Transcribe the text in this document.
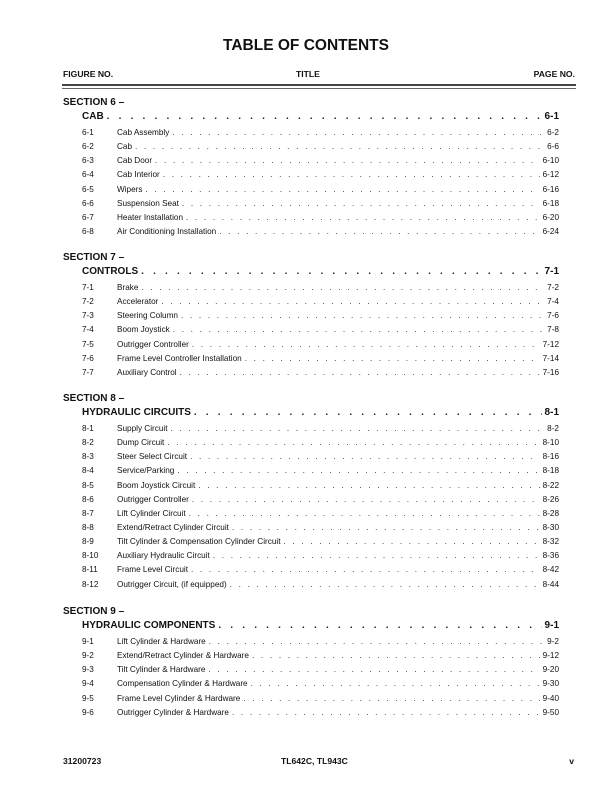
TABLE OF CONTENTS
FIGURE NO.	TITLE	PAGE NO.
SECTION 6 –
CAB . . .	6-1
6-1	Cab Assembly . . .	6-2
6-2	Cab . . .	6-6
6-3	Cab Door . . .	6-10
6-4	Cab Interior . . .	6-12
6-5	Wipers . . .	6-16
6-6	Suspension Seat . . .	6-18
6-7	Heater Installation . . .	6-20
6-8	Air Conditioning Installation . . .	6-24
SECTION 7 –
CONTROLS . . .	7-1
7-1	Brake . . .	7-2
7-2	Accelerator . . .	7-4
7-3	Steering Column . . .	7-6
7-4	Boom Joystick . . .	7-8
7-5	Outrigger Controller . . .	7-12
7-6	Frame Level Controller Installation . . .	7-14
7-7	Auxiliary Control . . .	7-16
SECTION 8 –
HYDRAULIC CIRCUITS . . .	8-1
8-1	Supply Circuit . . .	8-2
8-2	Dump Circuit . . .	8-10
8-3	Steer Select Circuit . . .	8-16
8-4	Service/Parking . . .	8-18
8-5	Boom Joystick Circuit . . .	8-22
8-6	Outrigger Controller . . .	8-26
8-7	Lift Cylinder Circuit . . .	8-28
8-8	Extend/Retract Cylinder Circuit . . .	8-30
8-9	Tilt Cylinder & Compensation Cylinder Circuit . . .	8-32
8-10	Auxiliary Hydraulic Circuit . . .	8-36
8-11	Frame Level Circuit . . .	8-42
8-12	Outrigger Circuit, (if equipped) . . .	8-44
SECTION 9 –
HYDRAULIC COMPONENTS . . .	9-1
9-1	Lift Cylinder & Hardware . . .	9-2
9-2	Extend/Retract Cylinder & Hardware . . .	9-12
9-3	Tilt Cylinder & Hardware . . .	9-20
9-4	Compensation Cylinder & Hardware . . .	9-30
9-5	Frame Level Cylinder & Hardware . . .	9-40
9-6	Outrigger Cylinder & Hardware . . .	9-50
31200723	TL642C, TL943C	v
